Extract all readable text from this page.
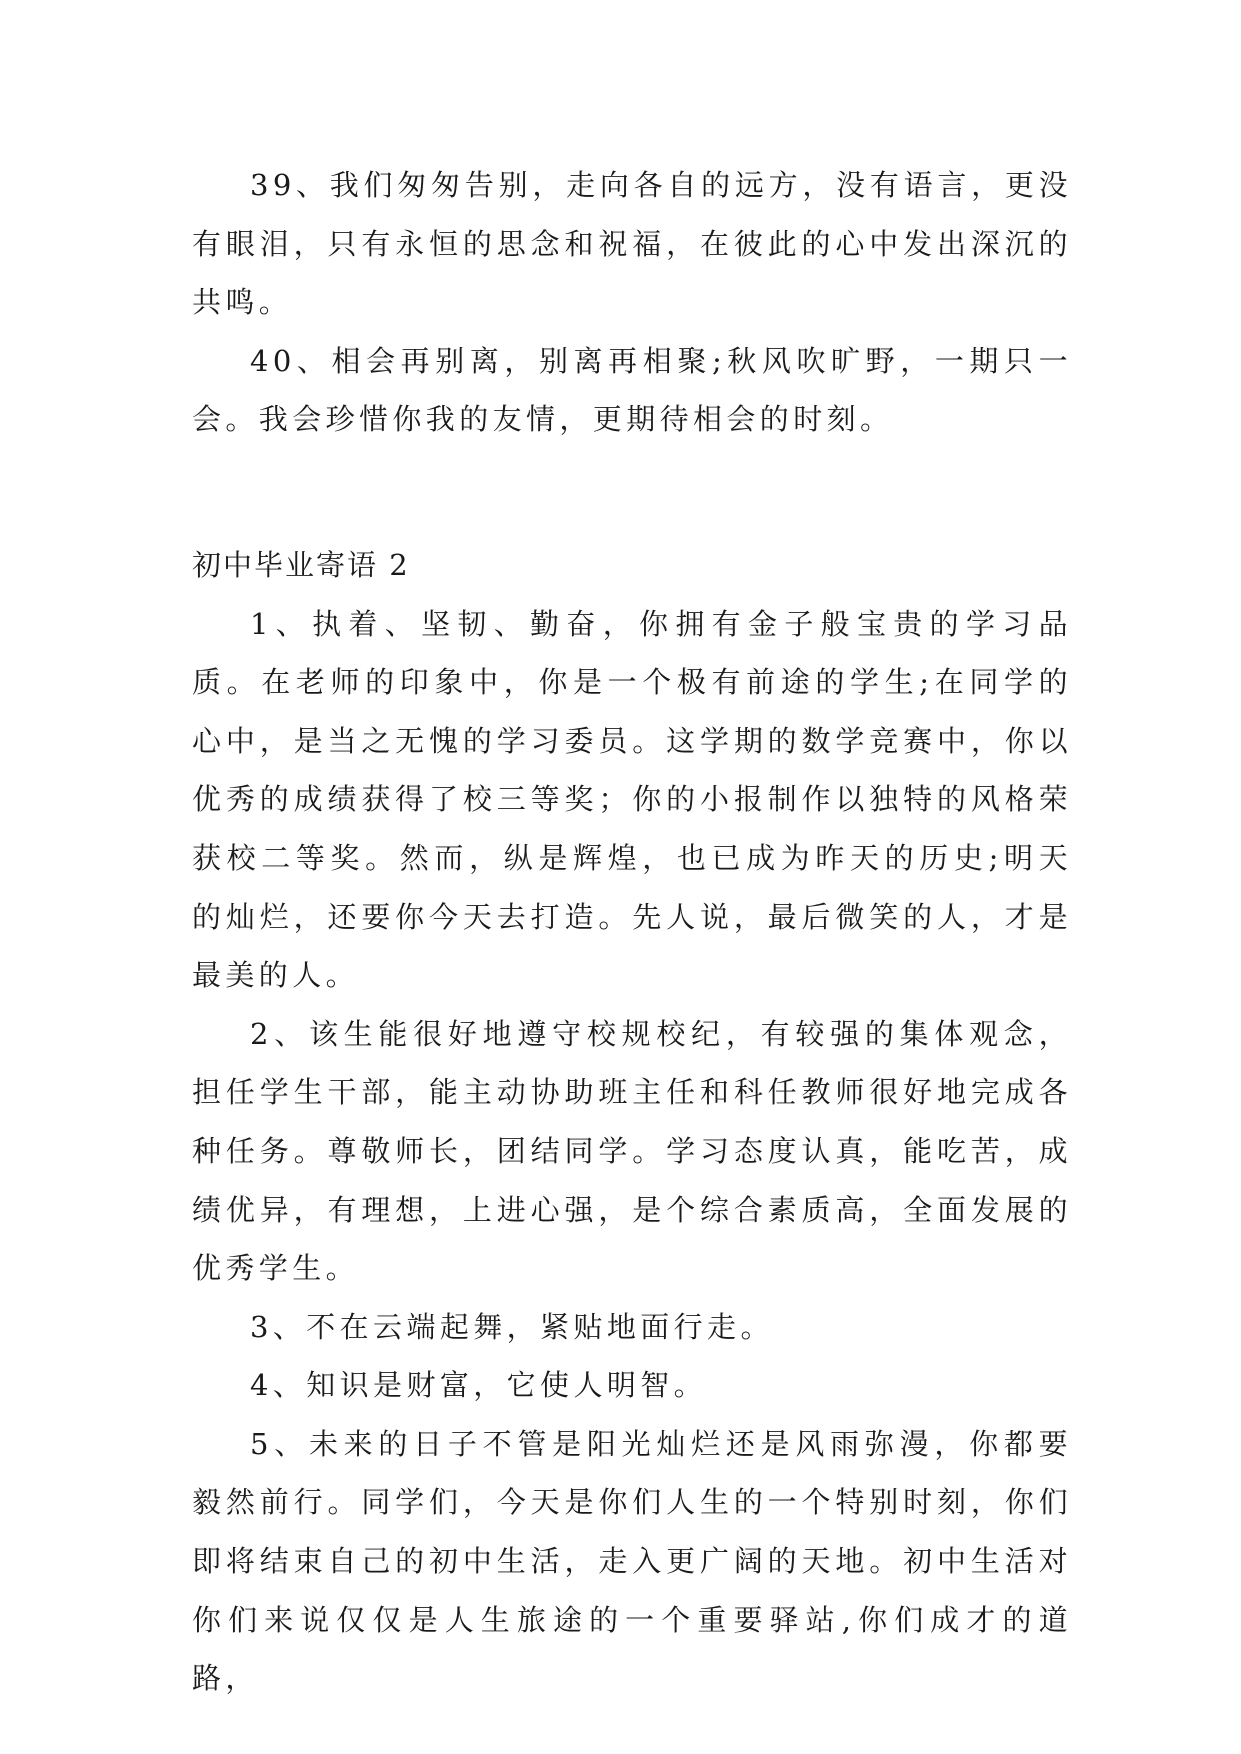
39、我们匆匆告别，走向各自的远方，没有语言，更没有眼泪，只有永恒的思念和祝福，在彼此的心中发出深沉的共鸣。

40、相会再别离，别离再相聚;秋风吹旷野，一期只一会。我会珍惜你我的友情，更期待相会的时刻。

初中毕业寄语 2

1、执着、坚韧、勤奋，你拥有金子般宝贵的学习品质。在老师的印象中，你是一个极有前途的学生;在同学的心中，是当之无愧的学习委员。这学期的数学竞赛中，你以优秀的成绩获得了校三等奖；你的小报制作以独特的风格荣获校二等奖。然而，纵是辉煌，也已成为昨天的历史;明天的灿烂，还要你今天去打造。先人说，最后微笑的人，才是最美的人。

2、该生能很好地遵守校规校纪，有较强的集体观念，担任学生干部，能主动协助班主任和科任教师很好地完成各种任务。尊敬师长，团结同学。学习态度认真，能吃苦，成绩优异，有理想，上进心强，是个综合素质高，全面发展的优秀学生。

3、不在云端起舞，紧贴地面行走。

4、知识是财富，它使人明智。

5、未来的日子不管是阳光灿烂还是风雨弥漫，你都要毅然前行。同学们，今天是你们人生的一个特别时刻，你们即将结束自己的初中生活，走入更广阔的天地。初中生活对你们来说仅仅是人生旅途的一个重要驿站,你们成才的道路，
